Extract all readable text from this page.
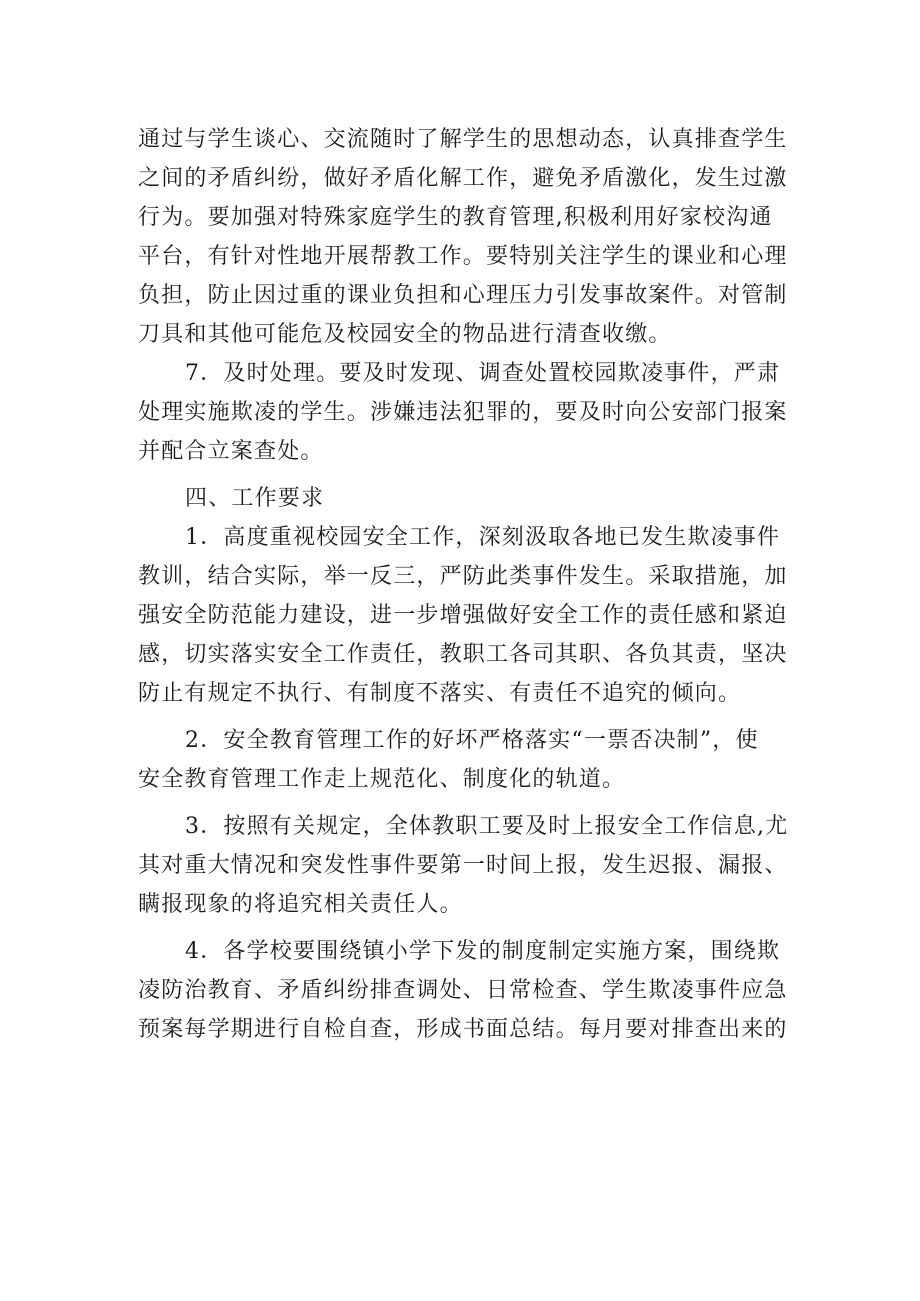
通过与学生谈心、交流随时了解学生的思想动态，认真排查学生
之间的矛盾纠纷，做好矛盾化解工作，避免矛盾激化，发生过激
行为。要加强对特殊家庭学生的教育管理,积极利用好家校沟通
平台，有针对性地开展帮教工作。要特别关注学生的课业和心理
负担，防止因过重的课业负担和心理压力引发事故案件。对管制
刀具和其他可能危及校园安全的物品进行清查收缴。
7．及时处理。要及时发现、调查处置校园欺凌事件，严肃
处理实施欺凌的学生。涉嫌违法犯罪的，要及时向公安部门报案
并配合立案查处。
四、工作要求
1．高度重视校园安全工作，深刻汲取各地已发生欺凌事件
教训，结合实际，举一反三，严防此类事件发生。采取措施，加
强安全防范能力建设，进一步增强做好安全工作的责任感和紧迫
感，切实落实安全工作责任，教职工各司其职、各负其责，坚决
防止有规定不执行、有制度不落实、有责任不追究的倾向。
2．安全教育管理工作的好坏严格落实“一票否决制”，使
安全教育管理工作走上规范化、制度化的轨道。
3．按照有关规定，全体教职工要及时上报安全工作信息,尤
其对重大情况和突发性事件要第一时间上报，发生迟报、漏报、
瞒报现象的将追究相关责任人。
4．各学校要围绕镇小学下发的制度制定实施方案，围绕欺
凌防治教育、矛盾纠纷排查调处、日常检查、学生欺凌事件应急
预案每学期进行自检自查，形成书面总结。每月要对排查出来的
